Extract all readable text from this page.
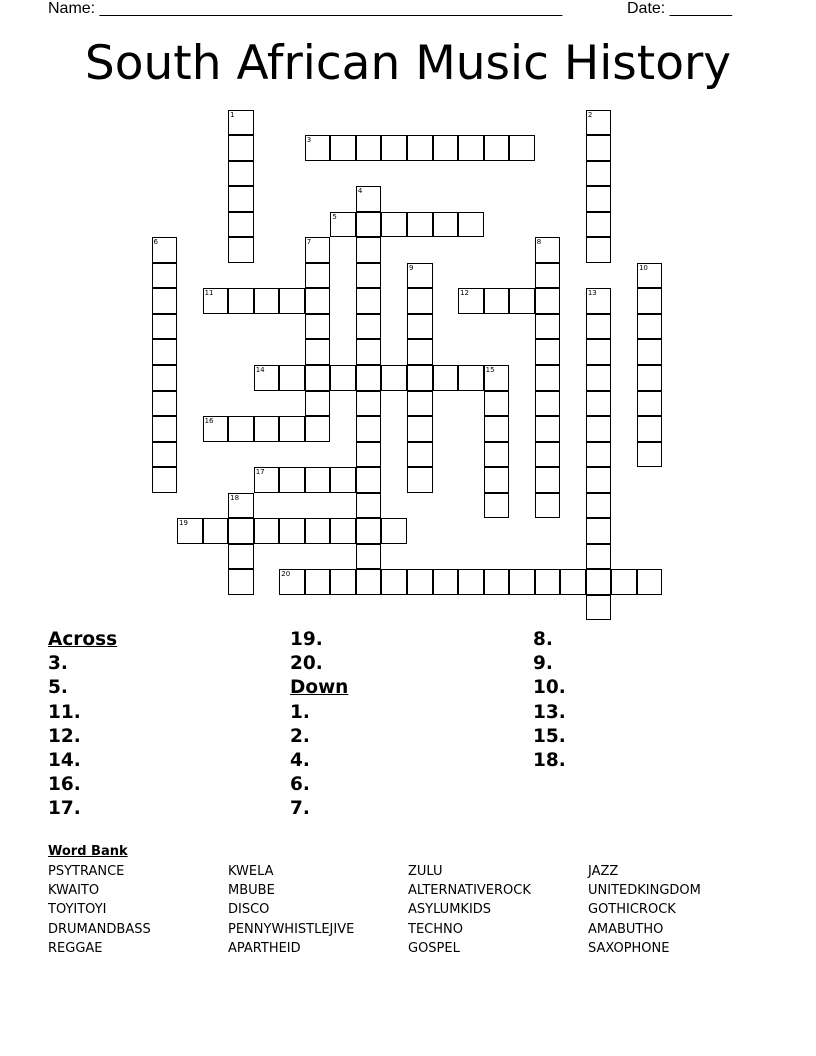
Name: ____________________________________________________	Date: _______
South African Music History
1	2
3
4
5
6	7	8
9	10
11	12	13
14	15
16
17
18
19
20
Across
3.
5.
11.
12.
14.
16.
17.
19.
20.
Down
1.
2.
4.
6.
7.
8.
9.
10.
13.
15.
18.
Word Bank
PSYTRANCE
KWAITO
TOYITOYI
DRUMANDBASS
REGGAE
KWELA
MBUBE
DISCO
PENNYWHISTLEJIVE
APARTHEID
ZULU
ALTERNATIVEROCK
ASYLUMKIDS
TECHNO
GOSPEL
JAZZ
UNITEDKINGDOM
GOTHICROCK
AMABUTHO
SAXOPHONE
